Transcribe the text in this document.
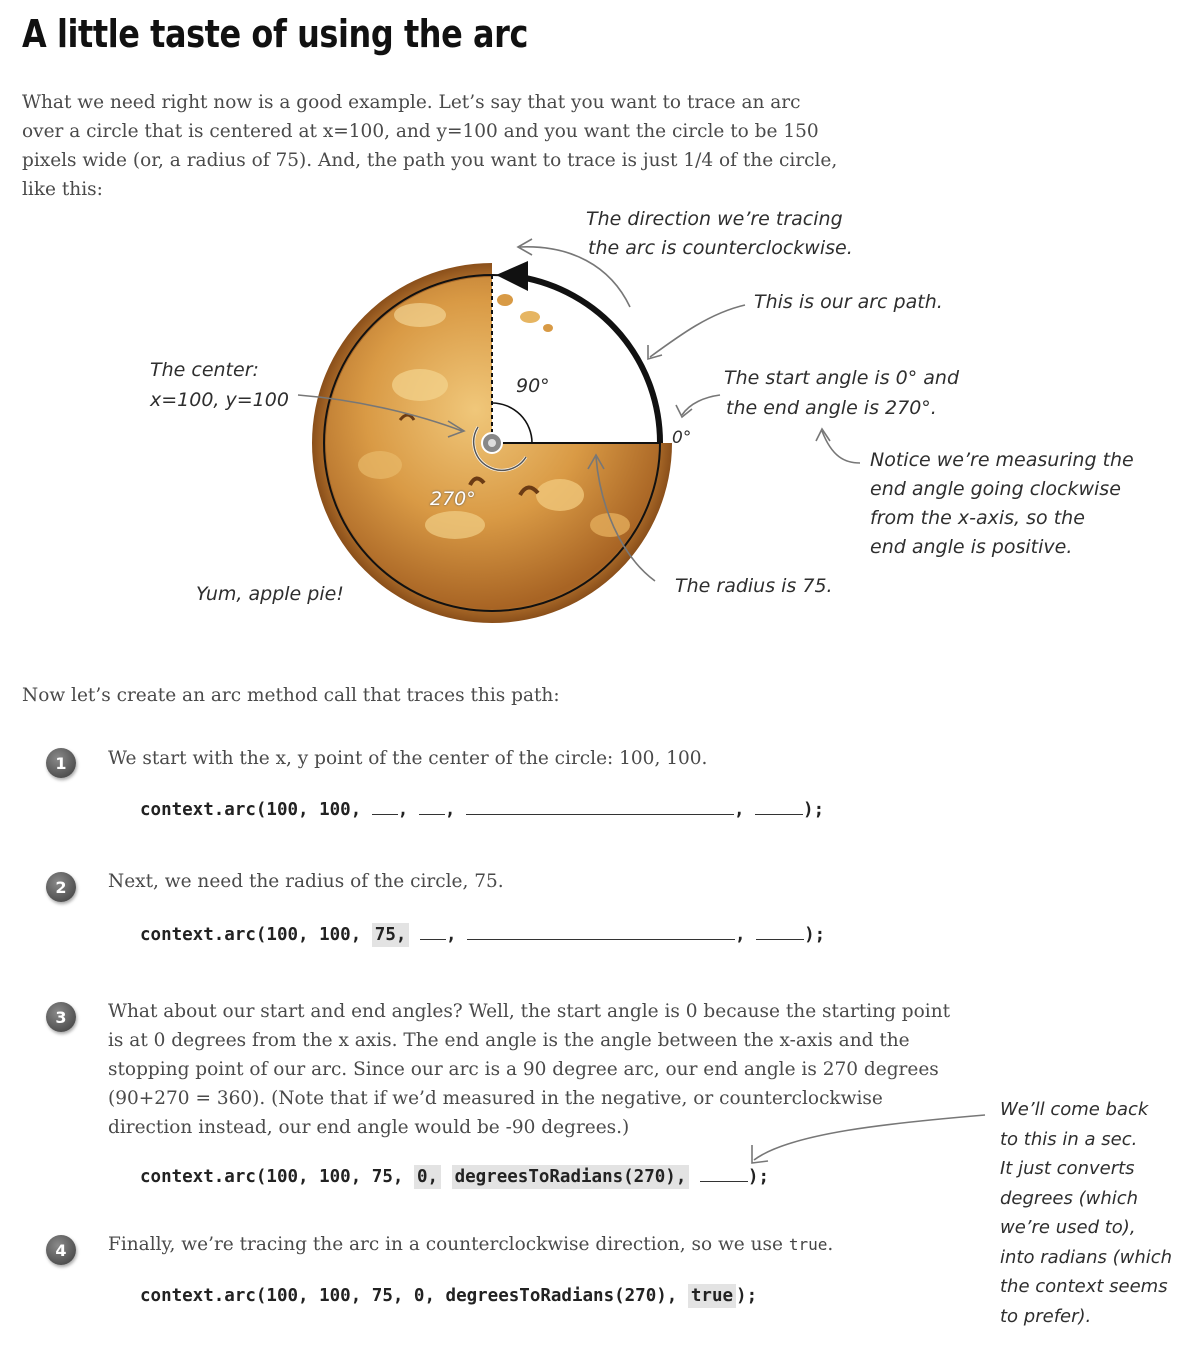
A little taste of using the arc
What we need right now is a good example. Let’s say that you want to trace an arc over a circle that is centered at x=100, and y=100 and you want the circle to be 150 pixels wide (or, a radius of 75). And, the path you want to trace is just 1/4 of the circle, like this:
The direction we’re tracing
the arc is counterclockwise.
This is our arc path.
The center:
x=100, y=100
90°
0°
270°
The start angle is 0° and
the end angle is 270°.
Notice we’re measuring the
end angle going clockwise
from the x-axis, so the
end angle is positive.
The radius is 75.
Yum, apple pie!
Now let’s create an arc method call that traces this path:
1	We start with the x, y point of the center of the circle: 100, 100.
context.arc(100, 100, , ,	,	);
2	Next, we need the radius of the circle, 75.
context.arc(100, 100, 75, ,	,	);
3	What about our start and end angles? Well, the start angle is 0 because the starting point is at 0 degrees from the x axis. The end angle is the angle between the x-axis and the stopping point of our arc. Since our arc is a 90 degree arc, our end angle is 270 degrees (90+270 = 360). (Note that if we’d measured in the negative, or counterclockwise direction instead, our end angle would be -90 degrees.)
context.arc(100, 100, 75, 0, degreesToRadians(270),	);
4	Finally, we’re tracing the arc in a counterclockwise direction, so we use true.
context.arc(100, 100, 75, 0, degreesToRadians(270), true );
We’ll come back
to this in a sec.
It just converts
degrees (which
we’re used to),
into radians (which
the context seems
to prefer).
